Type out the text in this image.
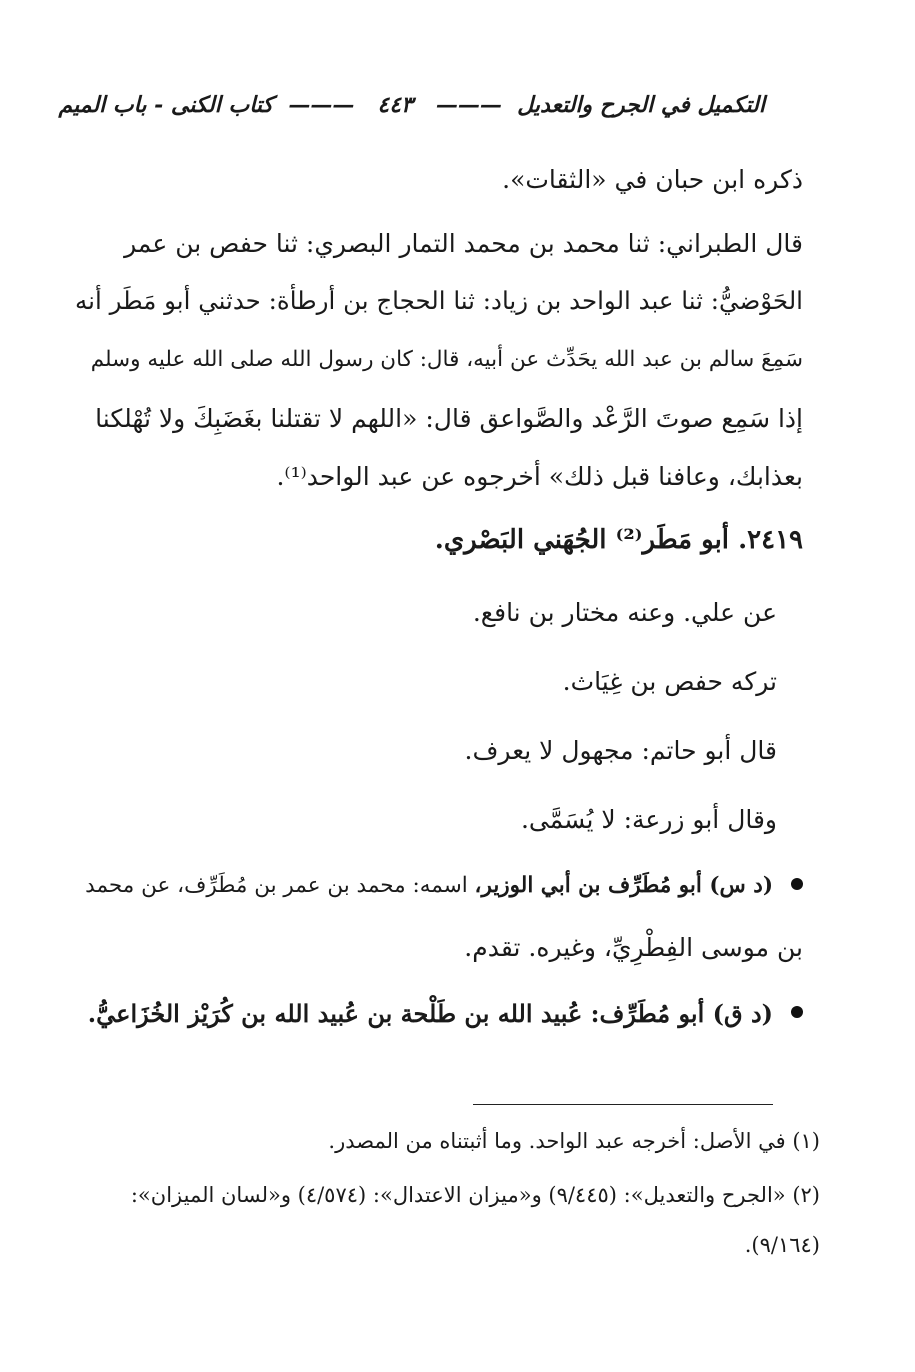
التكميل في الجرح والتعديل  ———   ٤٤٣   ———  كتاب الكنى - باب الميم
ذكره ابن حبان في «الثقات».
قال الطبراني: ثنا محمد بن محمد التمار البصري: ثنا حفص بن عمر
الحَوْضيُّ: ثنا عبد الواحد بن زياد: ثنا الحجاج بن أرطأة: حدثني أبو مَطَر أنه
سَمِعَ سالم بن عبد الله يحَدِّث عن أبيه، قال: كان رسول الله صلى الله عليه وسلم
إذا سَمِع صوتَ الرَّعْد والصَّواعق قال: «اللهم لا تقتلنا بغَضَبِكَ ولا تُهْلكنا
بعذابك، وعافنا قبل ذلك» أخرجوه عن عبد الواحد⁽¹⁾.
٢٤١٩. أبو مَطَر⁽²⁾ الجُهَني البَصْري.
عن علي. وعنه مختار بن نافع.
تركه حفص بن غِيَاث.
قال أبو حاتم: مجهول لا يعرف.
وقال أبو زرعة: لا يُسَمَّى.
(د س) أبو مُطَرِّف بن أبي الوزير، اسمه: محمد بن عمر بن مُطَرِّف، عن محمد
بن موسى الفِطْرِيِّ، وغيره. تقدم.
(د ق) أبو مُطَرِّف: عُبيد الله بن طَلْحة بن عُبيد الله بن كُرَيْز الخُزَاعيُّ.
(١) في الأصل: أخرجه عبد الواحد. وما أثبتناه من المصدر.
(٢) «الجرح والتعديل»: (٩/٤٤٥) و«ميزان الاعتدال»: (٤/٥٧٤) و«لسان الميزان»:
(٩/١٦٤).
